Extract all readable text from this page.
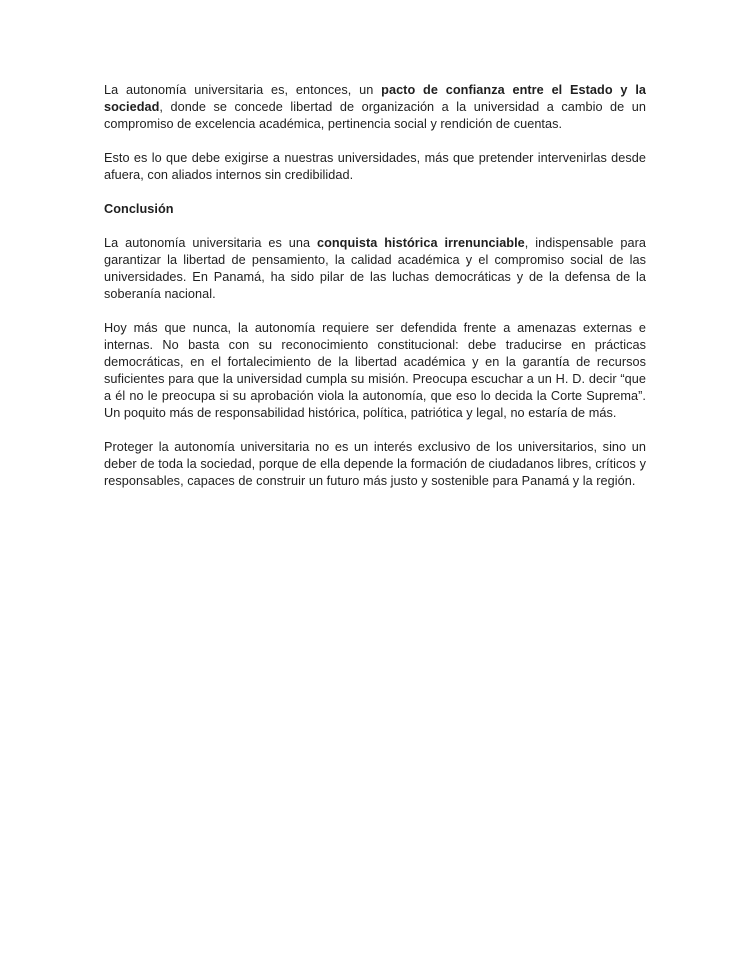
La autonomía universitaria es, entonces, un pacto de confianza entre el Estado y la sociedad, donde se concede libertad de organización a la universidad a cambio de un compromiso de excelencia académica, pertinencia social y rendición de cuentas.

Esto es lo que debe exigirse a nuestras universidades, más que pretender intervenirlas desde afuera, con aliados internos sin credibilidad.

Conclusión

La autonomía universitaria es una conquista histórica irrenunciable, indispensable para garantizar la libertad de pensamiento, la calidad académica y el compromiso social de las universidades. En Panamá, ha sido pilar de las luchas democráticas y de la defensa de la soberanía nacional.

Hoy más que nunca, la autonomía requiere ser defendida frente a amenazas externas e internas. No basta con su reconocimiento constitucional: debe traducirse en prácticas democráticas, en el fortalecimiento de la libertad académica y en la garantía de recursos suficientes para que la universidad cumpla su misión. Preocupa escuchar a un H. D. decir “que a él no le preocupa si su aprobación viola la autonomía, que eso lo decida la Corte Suprema”. Un poquito más de responsabilidad histórica, política, patriótica y legal, no estaría de más.

Proteger la autonomía universitaria no es un interés exclusivo de los universitarios, sino un deber de toda la sociedad, porque de ella depende la formación de ciudadanos libres, críticos y responsables, capaces de construir un futuro más justo y sostenible para Panamá y la región.
